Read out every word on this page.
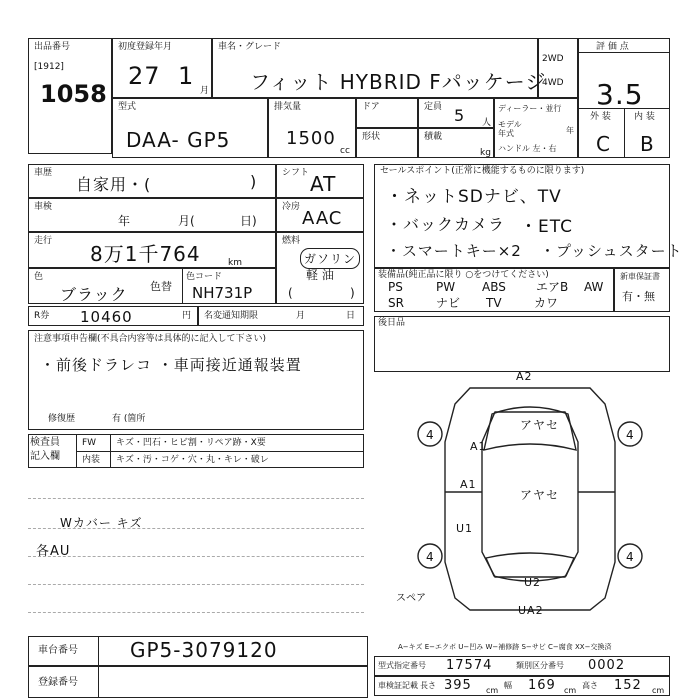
出品番号
[1912]
1058
初度登録年月
27 1
月
車名・グレード
フィット HYBRID Fパッケージ
2WD
4WD
評 価 点
3.5
外 装	内 装
C B
型式
DAA- GP5
排気量
1500
cc
ドア
形状
定員 5 人
積載
kg
ディーラー・並行
モデル 年式	年
ハンドル 左・右
車歴
自家用・(	)
車検
年	月(	日)
走行
8万1千764	km
色
ブラック 色替
色コード
NH731P
シフト AT
冷房
AAC
燃料
ガソリン
軽 油
(	)
セールスポイント(正常に機能するものに限ります)
・ネットSDナビ、TV
・バックカメラ ・ETC
・スマートキー×2 ・プッシュスタート
装備品(純正品に限り ○をつけてください)
PS	PW ABS	エアB AW
SR	ナビ TV	カワ
新車保証書
有・無
R券 10460	円 名変通知期限	月	日
注意事項申告欄(不具合内容等は具体的に記入して下さい)
・前後ドラレコ ・車両接近通報装置
修復歴	有 (箇所
検査員
記入欄
FW キズ・凹石・ヒビ割・リペア跡・X要
内装 キズ・汚・コゲ・穴・丸・キレ・破レ
Wカバー キズ
各AU
後日品
A2
A1
アヤセ
4	4
A1
アヤセ
U1
4	4
U2
スペア
UA2
A−キズ E−エクボ U−凹み W−補修跡 S−サビ C−腐食 XX−交換済
車台番号	GP5-3079120
登録番号
型式指定番号 17574	類別区分番号 0002
車検証記載 長さ 395 cm
幅 169 cm
高さ 152 cm
